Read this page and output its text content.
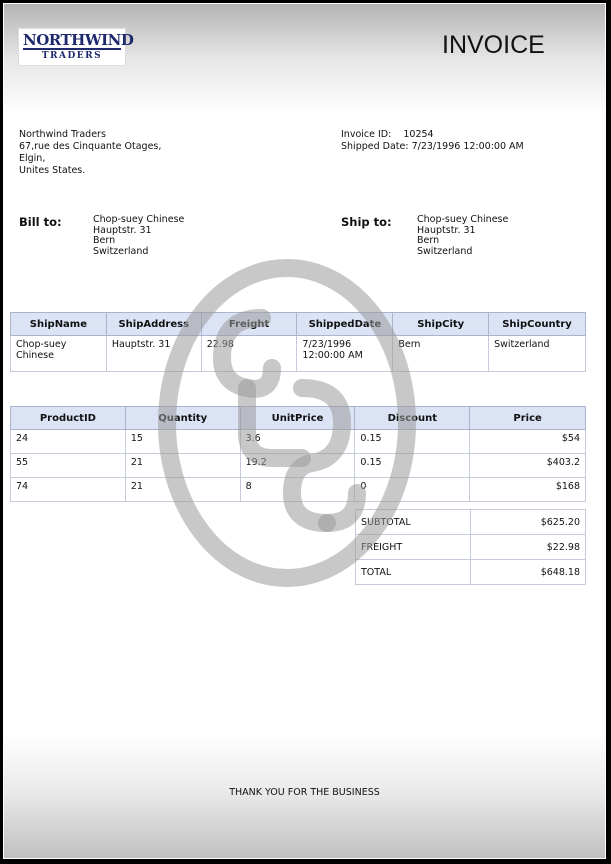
NORTHWIND
TRADERS	INVOICE
Northwind Traders
67,rue des Cinquante Otages,
Elgin,
Unites States.
Invoice ID: 10254
Shipped Date: 7/23/1996 12:00:00 AM
Bill to:	Chop-suey Chinese
Hauptstr. 31
Bern
Switzerland
Ship to:	Chop-suey Chinese
Hauptstr. 31
Bern
Switzerland
ShipName	ShipAddress	Freight	ShippedDate	ShipCity	ShipCountry
Chop-suey Chinese	Hauptstr. 31	22.98	7/23/1996 12:00:00 AM	Bern	Switzerland
ProductID	Quantity	UnitPrice	Discount	Price
24	15	3.6	0.15	$54
55	21	19.2	0.15	$403.2
74	21	8	0	$168
SUBTOTAL	$625.20
FREIGHT	$22.98
TOTAL	$648.18
THANK YOU FOR THE BUSINESS
